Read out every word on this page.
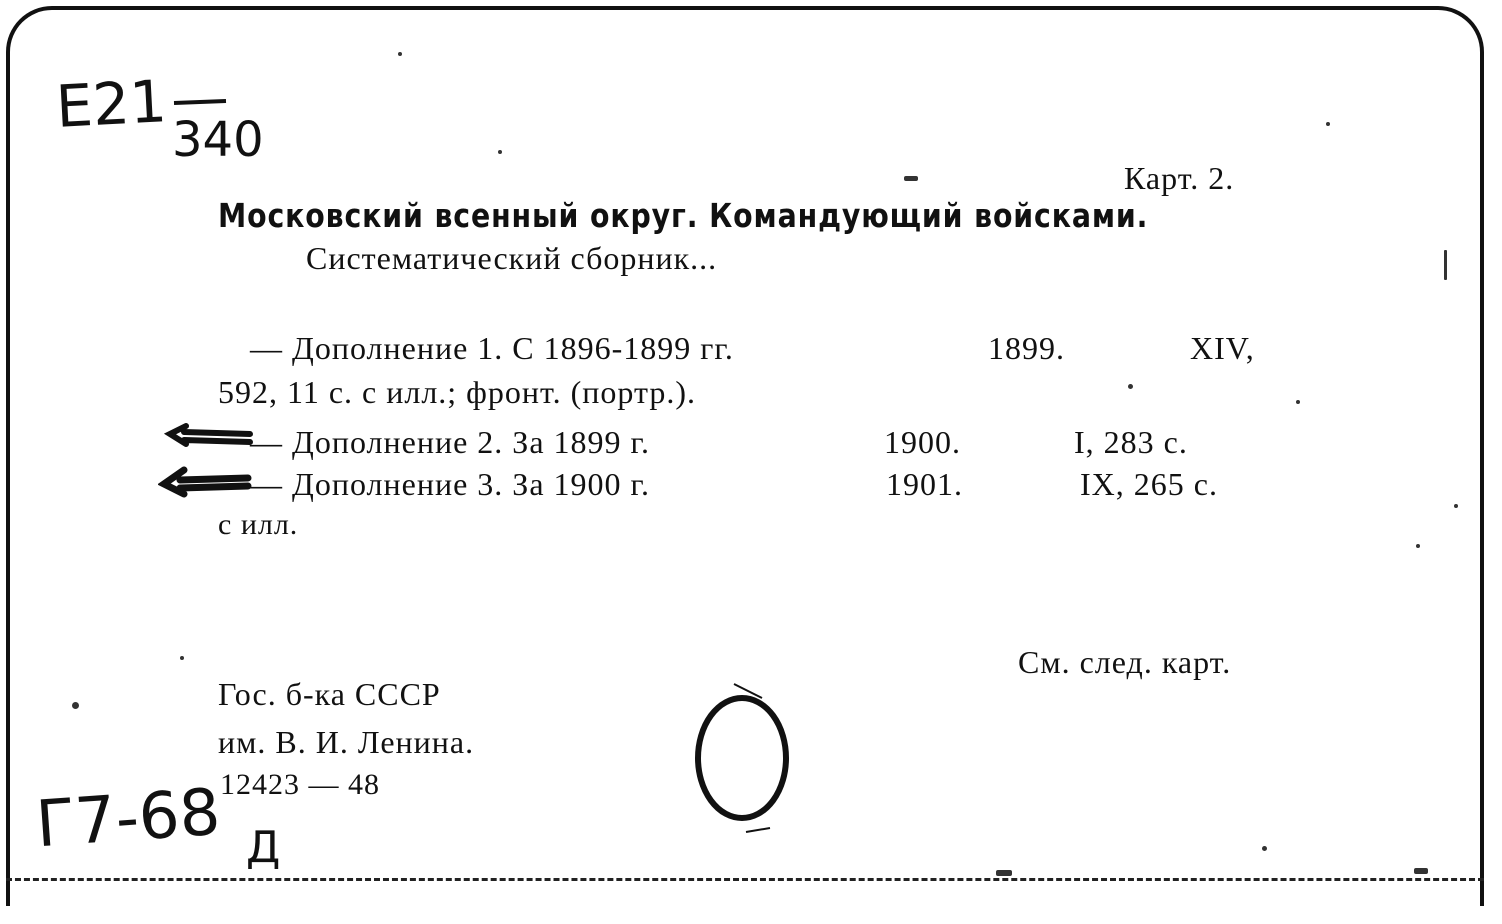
E21 340
Карт. 2.
Московский всенный округ. Командующий войсками.
Систематический сборник...
— Дополнение 1. С 1896-1899 гг.	1899.	XIV,
592, 11 с. с илл.; фронт. (портр.).
— Дополнение 2. За 1899 г.	1900.	I, 283 с.
— Дополнение 3. За 1900 г.	1901.	IX, 265 с.
с илл.
См. след. карт.
Гос. б-ка СССР
им. В. И. Ленина.
12423 — 48
Г7-68 Д
